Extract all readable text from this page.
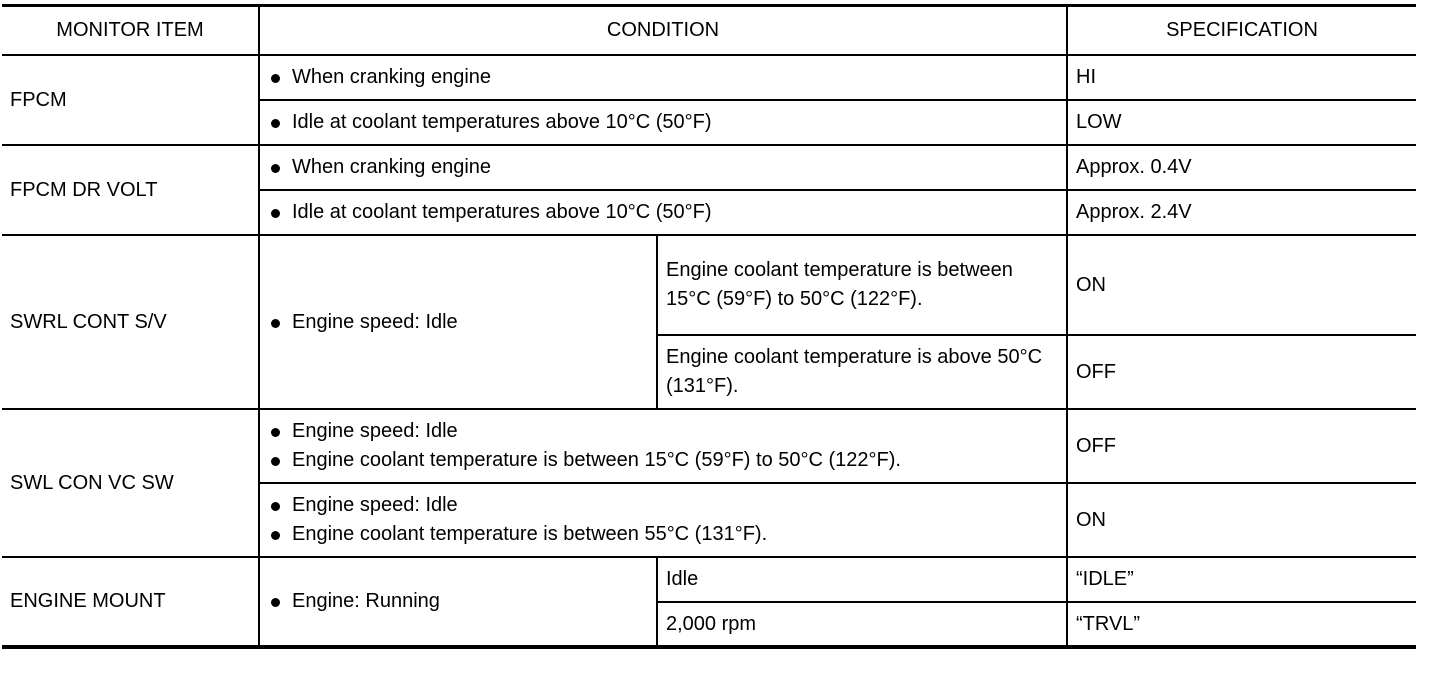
MONITOR ITEM	CONDITION		SPECIFICATION
FPCM	When cranking engine		HI

	Idle at coolant temperatures above 10°C (50°F)		LOW
FPCM DR VOLT	When cranking engine		Approx. 0.4V

	Idle at coolant temperatures above 10°C (50°F)		Approx. 2.4V
SWRL CONT S/V	Engine speed: Idle	Engine coolant temperature is between 15°C (59°F) to 50°C (122°F).	ON
		Engine coolant temperature is above 50°C (131°F).	OFF
SWL CON VC SW	Engine speed: Idle
Engine coolant temperature is between 15°C (59°F) to 50°C (122°F).		OFF

	Engine speed: Idle
Engine coolant temperature is between 55°C (131°F).		ON
ENGINE MOUNT	Engine: Running	Idle	“IDLE”
		2,000 rpm	“TRVL”
